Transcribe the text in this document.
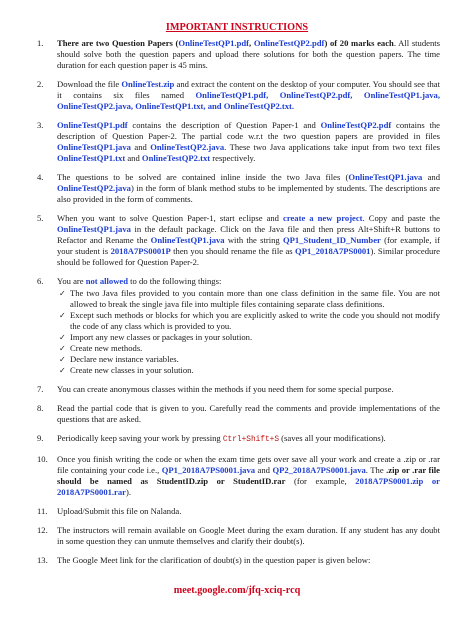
IMPORTANT INSTRUCTIONS
1.	There are two Question Papers (OnlineTestQP1.pdf, OnlineTestQP2.pdf) of 20 marks each. All students should solve both the question papers and upload there solutions for both the question papers. The time duration for each question paper is 45 mins.
2.	Download the file OnlineTest.zip and extract the content on the desktop of your computer. You should see that it contains six files named OnlineTestQP1.pdf, OnlineTestQP2.pdf, OnlineTestQP1.java, OnlineTestQP2.java, OnlineTestQP1.txt, and OnlineTestQP2.txt.
3.	OnlineTestQP1.pdf contains the description of Question Paper-1 and OnlineTestQP2.pdf contains the description of Question Paper-2. The partial code w.r.t the two question papers are provided in files OnlineTestQP1.java and OnlineTestQP2.java. These two Java applications take input from two text files OnlineTestQP1.txt and OnlineTestQP2.txt respectively.
4.	The questions to be solved are contained inline inside the two Java files (OnlineTestQP1.java and OnlineTestQP2.java) in the form of blank method stubs to be implemented by students. The descriptions are also provided in the form of comments.
5.	When you want to solve Question Paper-1, start eclipse and create a new project. Copy and paste the OnlineTestQP1.java in the default package. Click on the Java file and then press Alt+Shift+R buttons to Refactor and Rename the OnlineTestQP1.java with the string QP1_Student_ID_Number (for example, if your student is 2018A7PS0001P then you should rename the file as QP1_2018A7PS0001). Similar procedure should be followed for Question Paper-2.
6.	You are not allowed to do the following things:
✓ The two Java files provided to you contain more than one class definition in the same file. You are not allowed to break the single java file into multiple files containing separate class definitions.
✓ Except such methods or blocks for which you are explicitly asked to write the code you should not modify the code of any class which is provided to you.
✓ Import any new classes or packages in your solution.
✓ Create new methods.
✓ Declare new instance variables.
✓ Create new classes in your solution.
7.	You can create anonymous classes within the methods if you need them for some special purpose.
8.	Read the partial code that is given to you. Carefully read the comments and provide implementations of the questions that are asked.
9.	Periodically keep saving your work by pressing Ctrl+Shift+S (saves all your modifications).
10.	Once you finish writing the code or when the exam time gets over save all your work and create a .zip or .rar file containing your code i.e., QP1_2018A7PS0001.java and QP2_2018A7PS0001.java. The .zip or .rar file should be named as StudentID.zip or StudentID.rar (for example, 2018A7PS0001.zip or 2018A7PS0001.rar).
11.	Upload/Submit this file on Nalanda.
12.	The instructors will remain available on Google Meet during the exam duration. If any student has any doubt in some question they can unmute themselves and clarify their doubt(s).
13.	The Google Meet link for the clarification of doubt(s) in the question paper is given below:
meet.google.com/jfq-xciq-rcq
